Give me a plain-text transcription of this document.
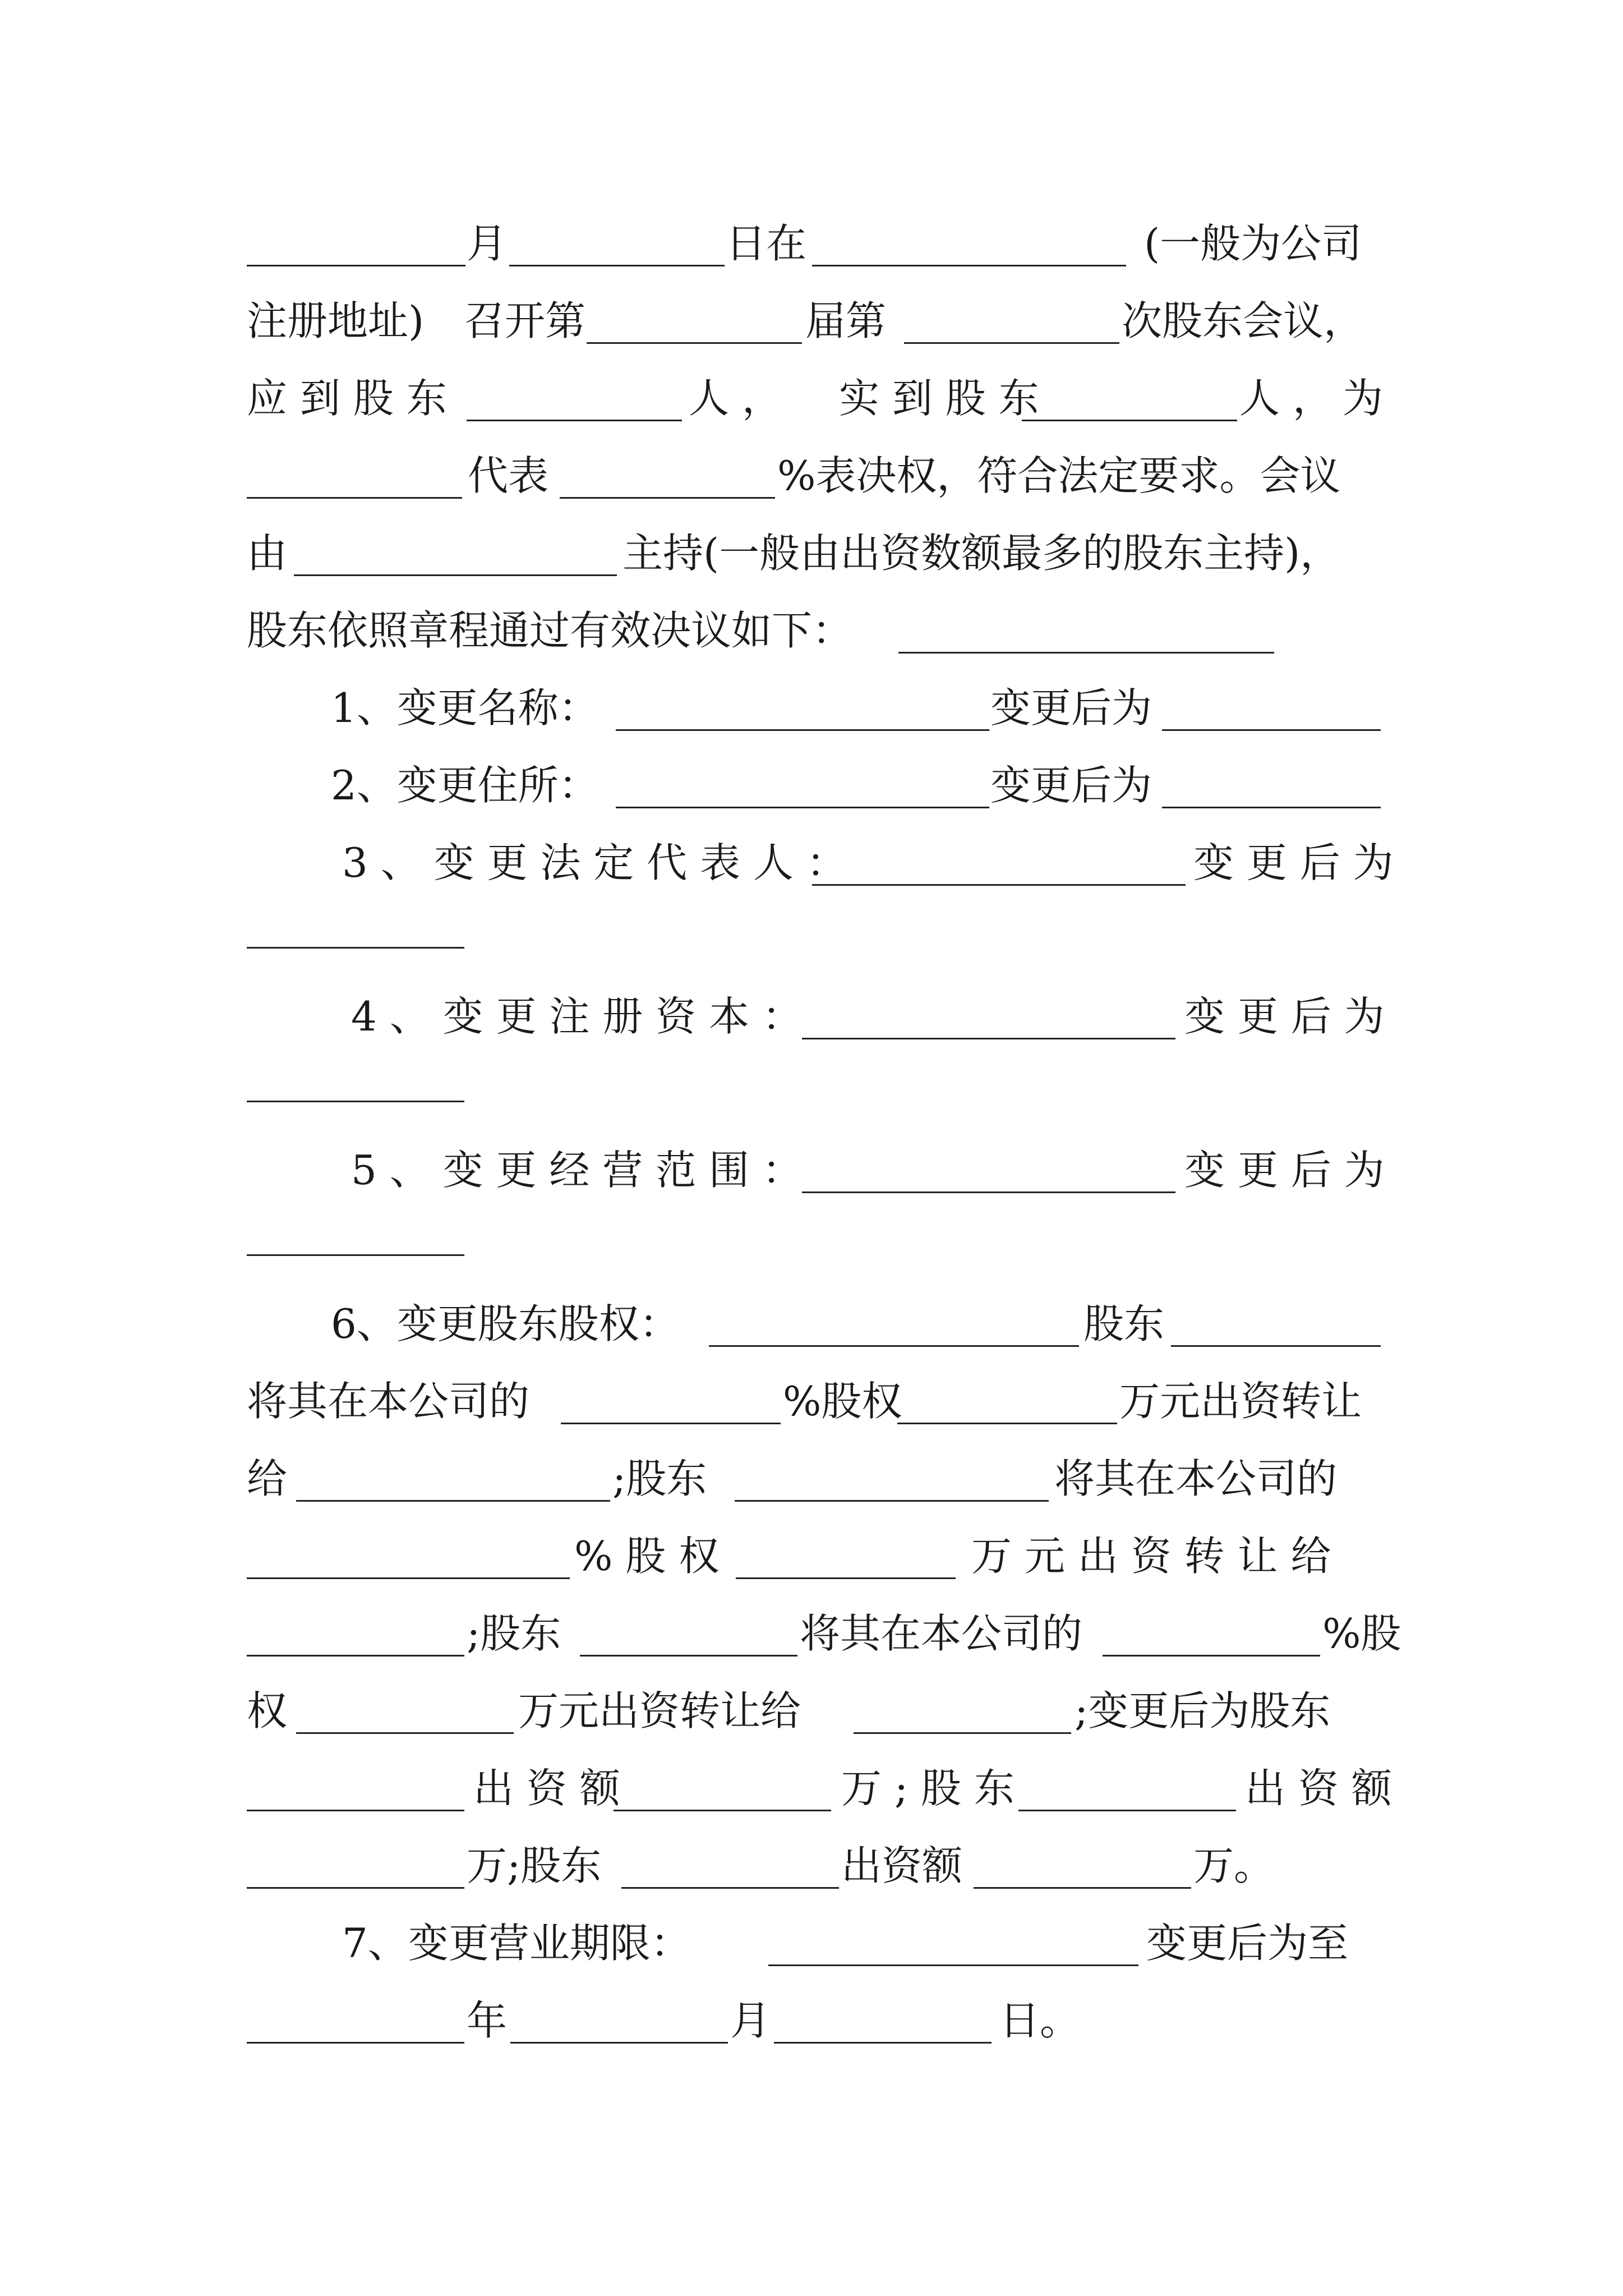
月	日在	(一般为公司
注册地址) 召开第	届第	次股东会议，
应 到 股 东	人 ， 实 到 股 东	人 ， 为
代表	%表决权，符合法定要求。会议
由	主持(一般由出资数额最多的股东主持)，
股东依照章程通过有效决议如下：
1、变更名称：	变更后为
2、变更住所：	变更后为
3 、 变 更 法 定 代 表 人 ：	变 更 后 为
4 、 变 更 注 册 资 本 ：	变 更 后 为
5 、 变 更 经 营 范 围 ：	变 更 后 为
6、变更股东股权：	股东
将其在本公司的	%股权	万元出资转让
给	;股东	将其在本公司的
% 股 权	万 元 出 资 转 让 给
;股东	将其在本公司的	%股
权	万元出资转让给	;变更后为股东
出 资 额	万 ; 股 东	出 资 额
万;股东	出资额	万。
7、变更营业期限：	变更后为至
年	月	日。
